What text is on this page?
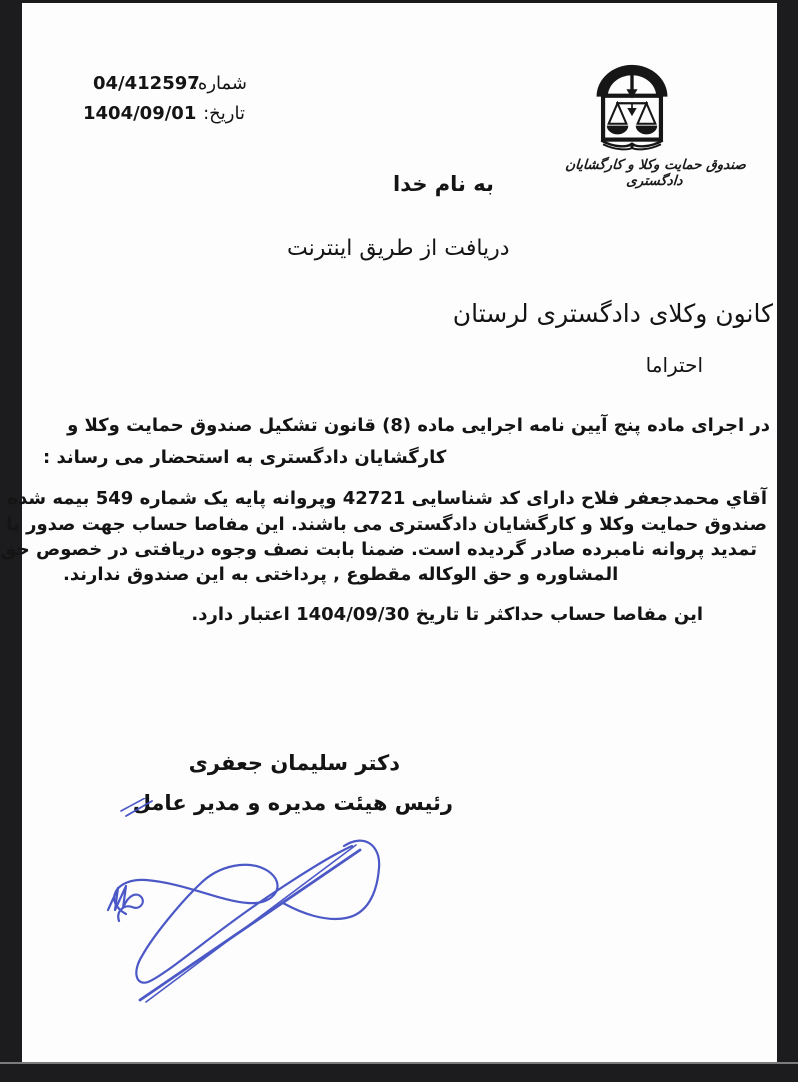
شماره:
04/412597
تاریخ:
1404/09/01
صندوق حمایت وکلا و کارگشایان دادگستری
به نام خدا
دریافت از طریق اینترنت
کانون وکلای دادگستری لرستان
احتراما
در اجرای ماده پنج آیین نامه اجرایی ماده (8) قانون تشکیل صندوق حمایت وکلا و
کارگشایان دادگستری به استحضار می رساند :
آقاي محمدجعفر فلاح دارای کد شناسایی 42721 وپروانه پایه یک شماره 549 بیمه شده
صندوق حمایت وکلا و کارگشایان دادگستری می باشند. این مفاصا حساب جهت صدور یا
تمدید پروانه نامبرده صادر گردیده است. ضمنا بابت نصف وجوه دریافتی در خصوص حق
المشاوره و حق الوکاله مقطوع , پرداختی به این صندوق ندارند.
این مفاصا حساب حداکثر تا تاریخ 1404/09/30 اعتبار دارد.
دکتر سلیمان جعفری
رئیس هیئت مدیره و مدیر عامل
